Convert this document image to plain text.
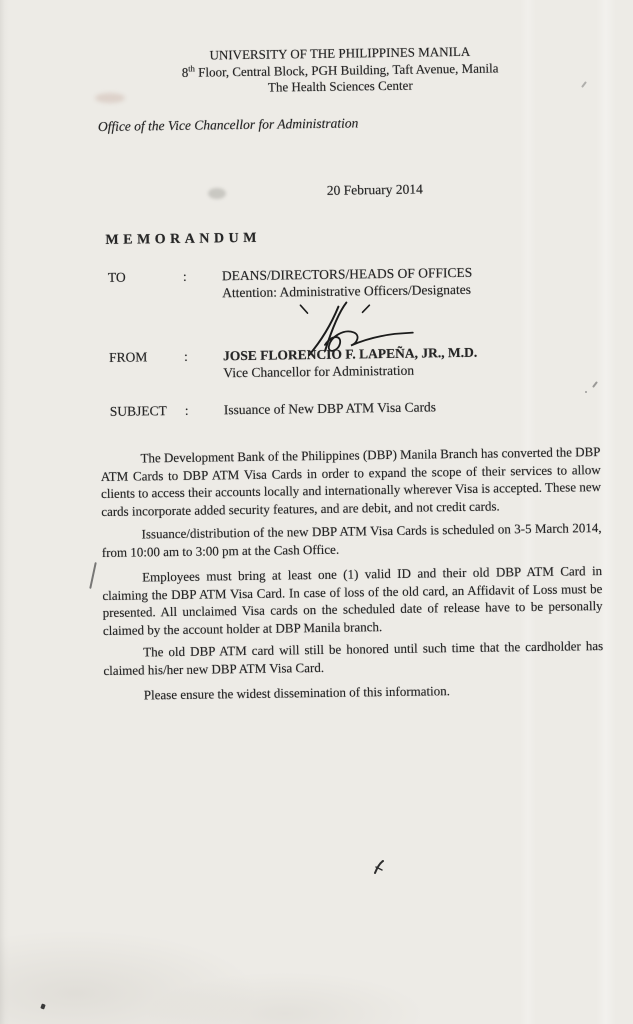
UNIVERSITY OF THE PHILIPPINES MANILA
8th Floor, Central Block, PGH Building, Taft Avenue, Manila
The Health Sciences Center
Office of the Vice Chancellor for Administration
20 February 2014
MEMORANDUM
TO	:	DEANS/DIRECTORS/HEADS OF OFFICES
Attention: Administrative Officers/Designates
FROM	:	JOSE FLORENCIO F. LAPEÑA, JR., M.D.
Vice Chancellor for Administration
SUBJECT	:	Issuance of New DBP ATM Visa Cards
The Development Bank of the Philippines (DBP) Manila Branch has converted the DBP ATM Cards to DBP ATM Visa Cards in order to expand the scope of their services to allow clients to access their accounts locally and internationally wherever Visa is accepted. These new cards incorporate added security features, and are debit, and not credit cards.
Issuance/distribution of the new DBP ATM Visa Cards is scheduled on 3-5 March 2014, from 10:00 am to 3:00 pm at the Cash Office.
Employees must bring at least one (1) valid ID and their old DBP ATM Card in claiming the DBP ATM Visa Card. In case of loss of the old card, an Affidavit of Loss must be presented. All unclaimed Visa cards on the scheduled date of release have to be personally claimed by the account holder at DBP Manila branch.
The old DBP ATM card will still be honored until such time that the cardholder has claimed his/her new DBP ATM Visa Card.
Please ensure the widest dissemination of this information.
